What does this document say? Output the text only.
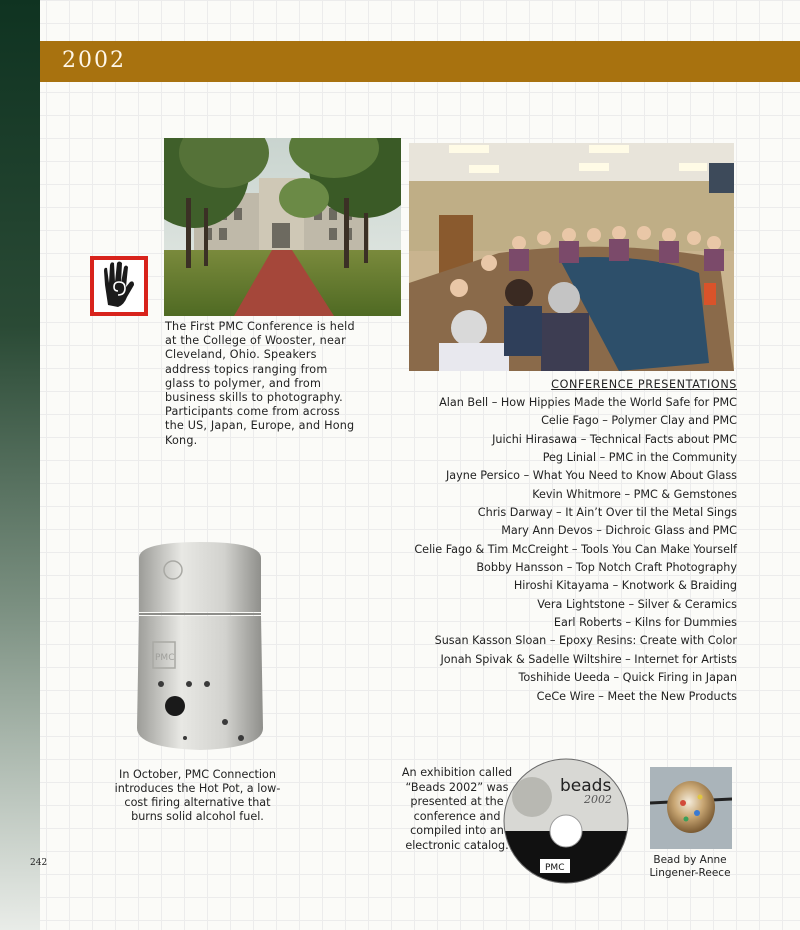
2002

The First PMC Conference is held at the College of Wooster, near Cleveland, Ohio. Speakers address topics ranging from glass to polymer, and from business skills to photography. Participants come from across the US, Japan, Europe, and Hong Kong.

CONFERENCE PRESENTATIONS
Alan Bell – How Hippies Made the World Safe for PMC
Celie Fago – Polymer Clay and PMC
Juichi Hirasawa – Technical Facts about PMC
Peg Linial – PMC in the Community
Jayne Persico – What You Need to Know About Glass
Kevin Whitmore – PMC & Gemstones
Chris Darway – It Ain’t Over til the Metal Sings
Mary Ann Devos – Dichroic Glass and PMC
Celie Fago & Tim McCreight – Tools You Can Make Yourself
Bobby Hansson – Top Notch Craft Photography
Hiroshi Kitayama – Knotwork & Braiding
Vera Lightstone – Silver & Ceramics
Earl Roberts – Kilns for Dummies
Susan Kasson Sloan – Epoxy Resins: Create with Color
Jonah Spivak & Sadelle Wiltshire – Internet for Artists
Toshihide Ueeda – Quick Firing in Japan
CeCe Wire – Meet the New Products
PMC

In October, PMC Connection introduces the Hot Pot, a low-cost firing alternative that burns solid alcohol fuel.

An exhibition called “Beads 2002” was presented at the conference and compiled into an electronic catalog.

beads
2002
PMC

Bead by Anne Lingener-Reece

242
